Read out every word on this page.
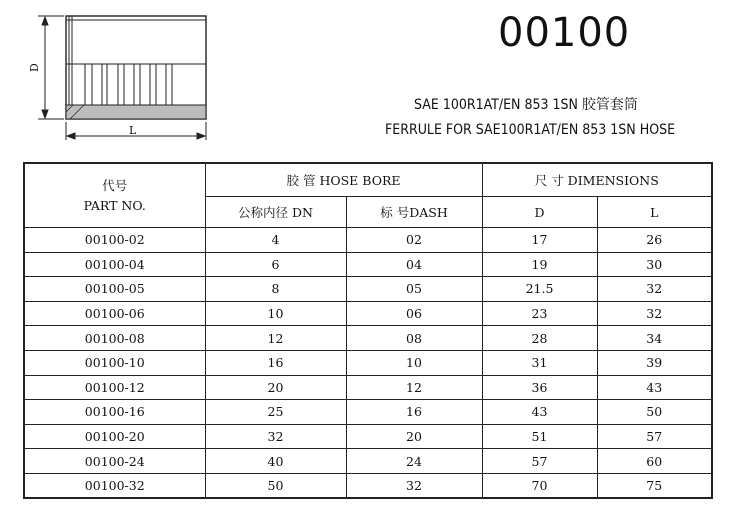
D
L
00100
SAE 100R1AT/EN 853 1SN 胶管套筒
FERRULE FOR SAE100R1AT/EN 853 1SN HOSE
代号
PART NO.	胶 管 HOSE BORE		尺 寸 DIMENSIONS	
	公称内径 DN	标 号DASH	D	L
00100-02	4	02	17	26
00100-04	6	04	19	30
00100-05	8	05	21.5	32
00100-06	10	06	23	32
00100-08	12	08	28	34
00100-10	16	10	31	39
00100-12	20	12	36	43
00100-16	25	16	43	50
00100-20	32	20	51	57
00100-24	40	24	57	60
00100-32	50	32	70	75
